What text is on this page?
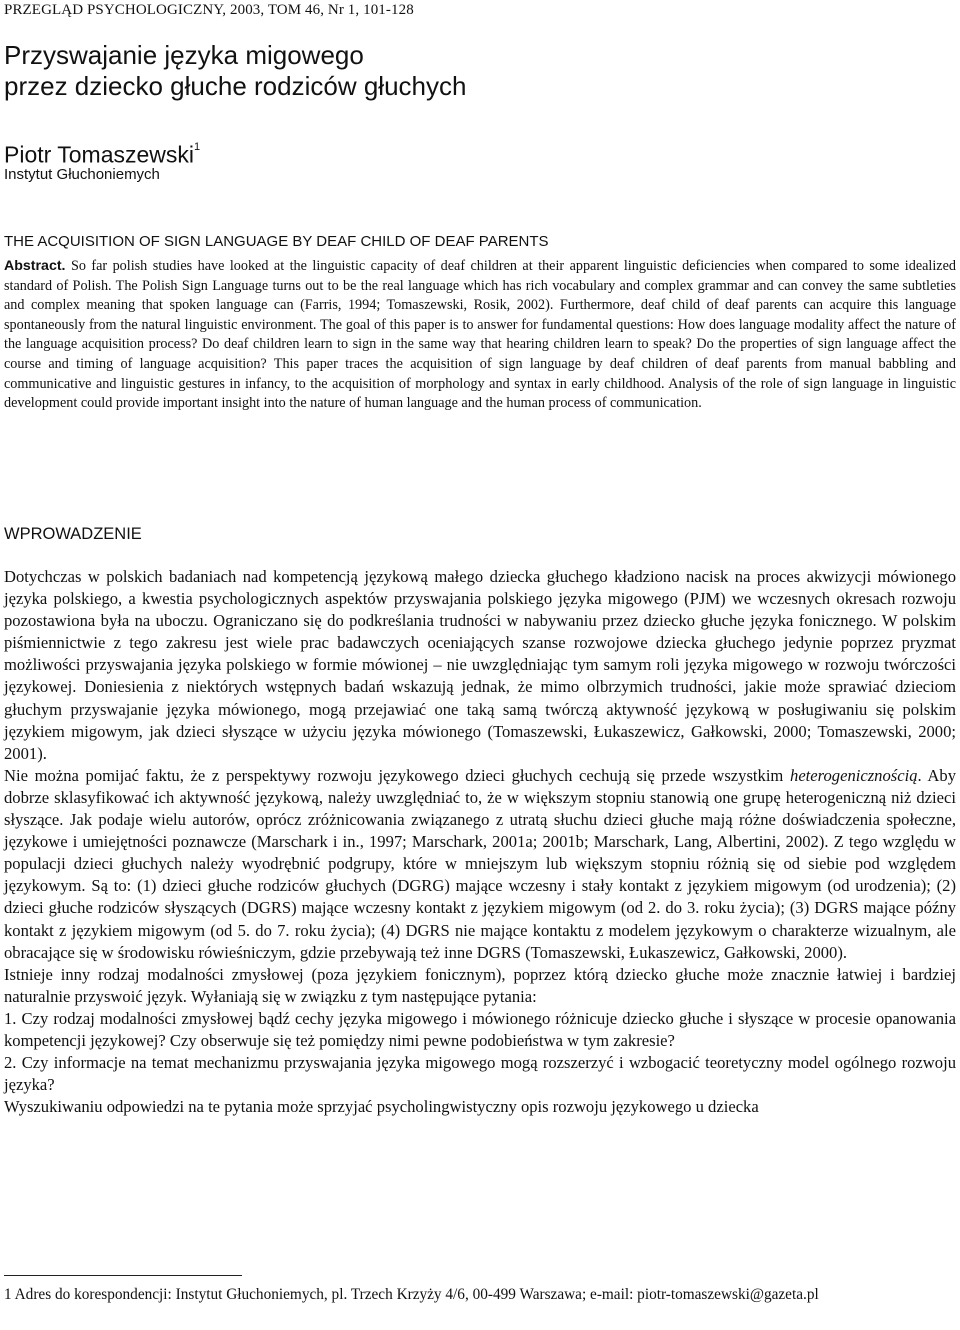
PRZEGLĄD PSYCHOLOGICZNY, 2003, TOM 46, Nr 1, 101-128
Przyswajanie języka migowego
przez dziecko głuche rodziców głuchych
Piotr Tomaszewski$^1$
Instytut Głuchoniemych
THE ACQUISITION OF SIGN LANGUAGE BY DEAF CHILD OF DEAF PARENTS
Abstract. So far polish studies have looked at the linguistic capacity of deaf children at their apparent linguistic deficiencies when compared to some idealized standard of Polish. The Polish Sign Language turns out to be the real language which has rich vocabulary and complex grammar and can convey the same subtleties and complex meaning that spoken language can (Farris, 1994; Tomaszewski, Rosik, 2002). Furthermore, deaf child of deaf parents can acquire this language spontaneously from the natural linguistic environment. The goal of this paper is to answer for fundamental questions: How does language modality affect the nature of the language acquisition process? Do deaf children learn to sign in the same way that hearing children learn to speak? Do the properties of sign language affect the course and timing of language acquisition? This paper traces the acquisition of sign language by deaf children of deaf parents from manual babbling and communicative and linguistic gestures in infancy, to the acquisition of morphology and syntax in early childhood. Analysis of the role of sign language in linguistic development could provide important insight into the nature of human language and the human process of communication.
WPROWADZENIE

Dotychczas w polskich badaniach nad kompetencją językową małego dziecka głuchego kładziono nacisk na proces akwizycji mówionego języka polskiego, a kwestia psychologicznych aspektów przyswajania polskiego języka migowego (PJM) we wczesnych okresach rozwoju pozostawiona była na uboczu. Ograniczano się do podkreślania trudności w nabywaniu przez dziecko głuche języka fonicznego. W polskim piśmiennictwie z tego zakresu jest wiele prac badawczych oceniających szanse rozwojowe dziecka głuchego jedynie poprzez pryzmat możliwości przyswajania języka polskiego w formie mówionej – nie uwzględniając tym samym roli języka migowego w rozwoju twórczości językowej. Doniesienia z niektórych wstępnych badań wskazują jednak, że mimo olbrzymich trudności, jakie może sprawiać dzieciom głuchym przyswajanie języka mówionego, mogą przejawiać one taką samą twórczą aktywność językową w posługiwaniu się polskim językiem migowym, jak dzieci słyszące w użyciu języka mówionego (Tomaszewski, Łukaszewicz, Gałkowski, 2000; Tomaszewski, 2000; 2001).

Nie można pomijać faktu, że z perspektywy rozwoju językowego dzieci głuchych cechują się przede wszystkim heterogenicznością. Aby dobrze sklasyfikować ich aktywność językową, należy uwzględniać to, że w większym stopniu stanowią one grupę heterogeniczną niż dzieci słyszące. Jak podaje wielu autorów, oprócz zróżnicowania związanego z utratą słuchu dzieci głuche mają różne doświadczenia społeczne, językowe i umiejętności poznawcze (Marschark i in., 1997; Marschark, 2001a; 2001b; Marschark, Lang, Albertini, 2002). Z tego względu w populacji dzieci głuchych należy wyodrębnić podgrupy, które w mniejszym lub większym stopniu różnią się od siebie pod względem językowym. Są to: (1) dzieci głuche rodziców głuchych (DGRG) mające wczesny i stały kontakt z językiem migowym (od urodzenia); (2) dzieci głuche rodziców słyszących (DGRS) mające wczesny kontakt z językiem migowym (od 2. do 3. roku życia); (3) DGRS mające późny kontakt z językiem migowym (od 5. do 7. roku życia); (4) DGRS nie mające kontaktu z modelem językowym o charakterze wizualnym, ale obracające się w środowisku rówieśniczym, gdzie przebywają też inne DGRS (Tomaszewski, Łukaszewicz, Gałkowski, 2000).

Istnieje inny rodzaj modalności zmysłowej (poza językiem fonicznym), poprzez którą dziecko głuche może znacznie łatwiej i bardziej naturalnie przyswoić język. Wyłaniają się w związku z tym następujące pytania:

1. Czy rodzaj modalności zmysłowej bądź cechy języka migowego i mówionego różnicuje dziecko głuche i słyszące w procesie opanowania kompetencji językowej? Czy obserwuje się też pomiędzy nimi pewne podobieństwa w tym zakresie?

2. Czy informacje na temat mechanizmu przyswajania języka migowego mogą rozszerzyć i wzbogacić teoretyczny model ogólnego rozwoju języka?

Wyszukiwaniu odpowiedzi na te pytania może sprzyjać psycholingwistyczny opis rozwoju językowego u dziecka

1 Adres do korespondencji: Instytut Głuchoniemych, pl. Trzech Krzyży 4/6, 00-499 Warszawa; e-mail: piotr-tomaszewski@gazeta.pl
